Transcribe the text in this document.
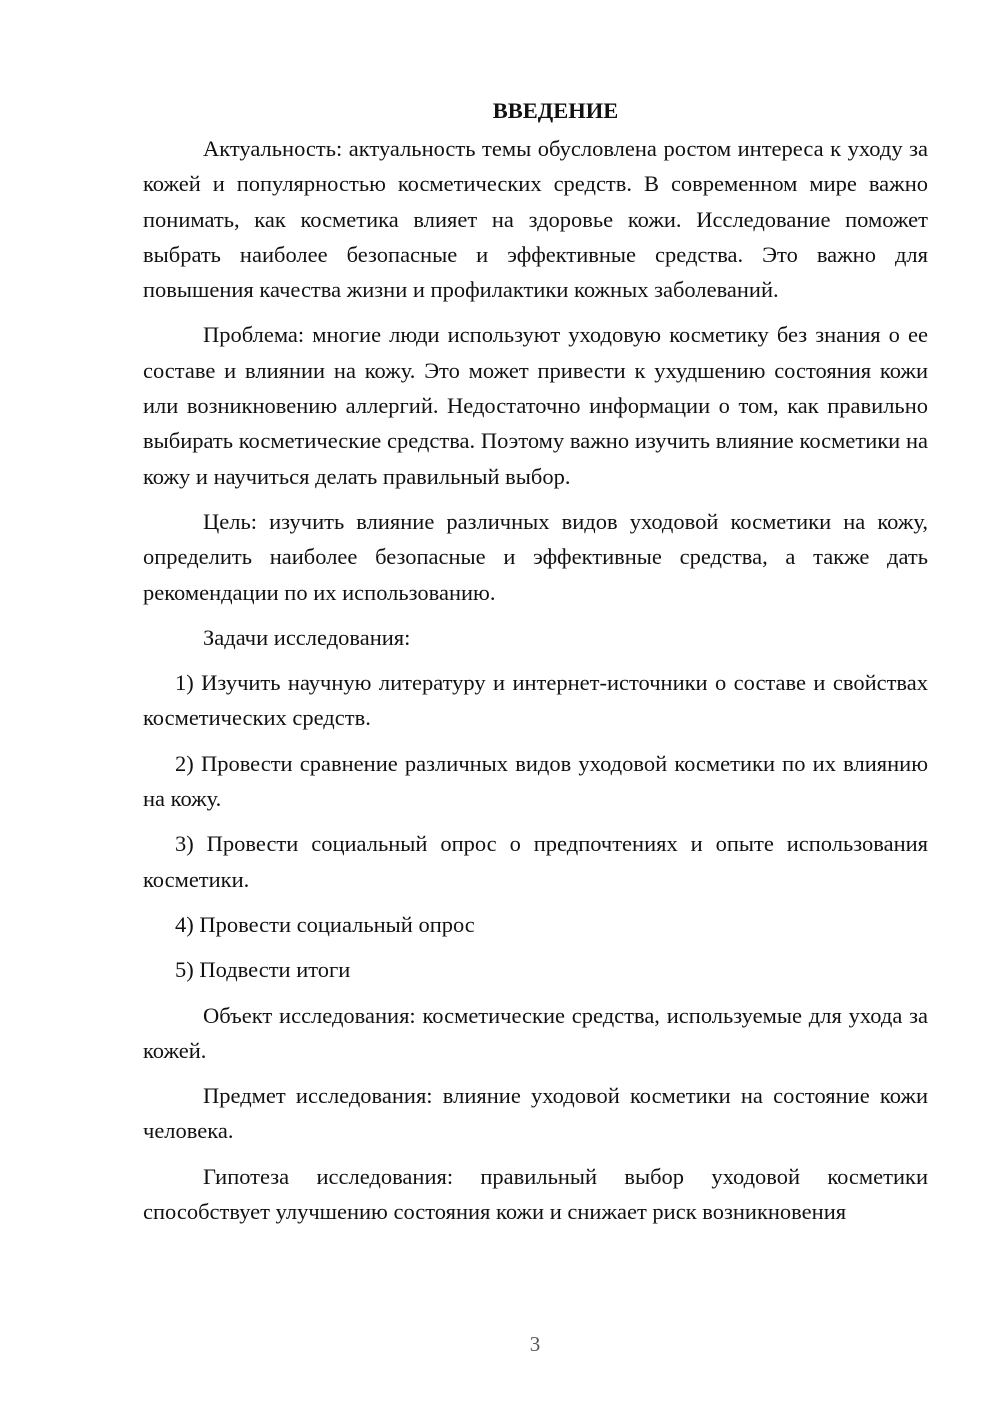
ВВЕДЕНИЕ

Актуальность: актуальность темы обусловлена ростом интереса к уходу за кожей и популярностью косметических средств. В современном мире важно понимать, как косметика влияет на здоровье кожи. Исследование поможет выбрать наиболее безопасные и эффективные средства. Это важно для повышения качества жизни и профилактики кожных заболеваний.

Проблема: многие люди используют уходовую косметику без знания о ее составе и влиянии на кожу. Это может привести к ухудшению состояния кожи или возникновению аллергий. Недостаточно информации о том, как правильно выбирать косметические средства. Поэтому важно изучить влияние косметики на кожу и научиться делать правильный выбор.

Цель: изучить влияние различных видов уходовой косметики на кожу, определить наиболее безопасные и эффективные средства, а также дать рекомендации по их использованию.

Задачи исследования:

1) Изучить научную литературу и интернет-источники о составе и свойствах косметических средств.

2) Провести сравнение различных видов уходовой косметики по их влиянию на кожу.

3) Провести социальный опрос о предпочтениях и опыте использования косметики.

4) Провести социальный опрос

5) Подвести итоги

Объект исследования: косметические средства, используемые для ухода за кожей.

Предмет исследования: влияние уходовой косметики на состояние кожи человека.

Гипотеза исследования: правильный выбор уходовой косметики способствует улучшению состояния кожи и снижает риск возникновения

3
